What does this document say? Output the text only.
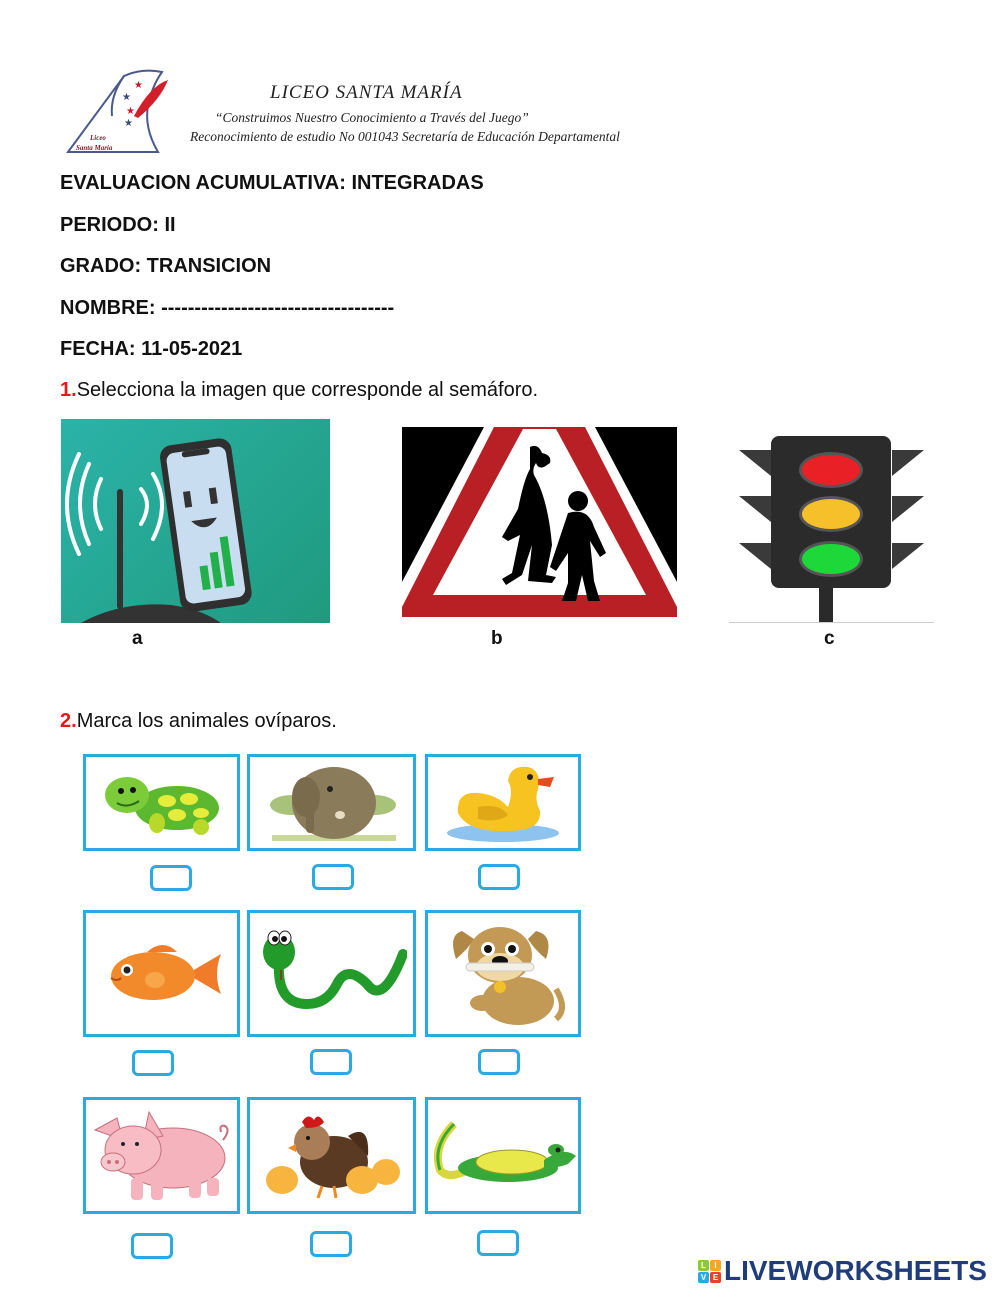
★
★
★
★
Liceo
Santa Maria
LICEO SANTA MARÍA
“Construimos Nuestro Conocimiento a Través del Juego”
Reconocimiento de estudio No 001043 Secretaría de Educación Departamental
EVALUACION ACUMULATIVA: INTEGRADAS
PERIODO: II
GRADO: TRANSICION
NOMBRE: -----------------------------------
FECHA: 11-05-2021
1.Selecciona la imagen que corresponde al semáforo.
a	b	c
2.Marca los animales ovíparos.
L	I
V E LIVEWORKSHEETS
